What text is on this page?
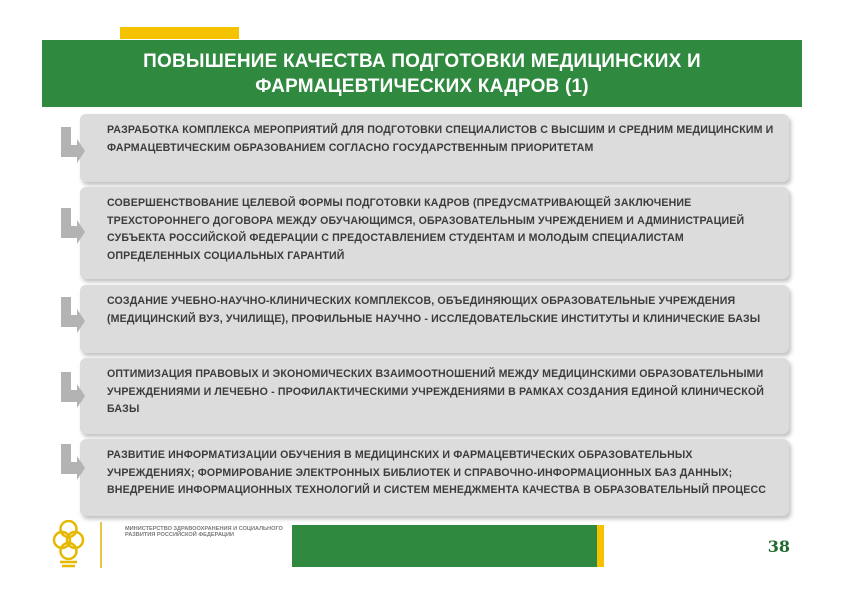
ПОВЫШЕНИЕ КАЧЕСТВА ПОДГОТОВКИ МЕДИЦИНСКИХ И
ФАРМАЦЕВТИЧЕСКИХ КАДРОВ (1)
РАЗРАБОТКА КОМПЛЕКСА МЕРОПРИЯТИЙ ДЛЯ ПОДГОТОВКИ СПЕЦИАЛИСТОВ С ВЫСШИМ И СРЕДНИМ МЕДИЦИНСКИМ И ФАРМАЦЕВТИЧЕСКИМ ОБРАЗОВАНИЕМ СОГЛАСНО ГОСУДАРСТВЕННЫМ ПРИОРИТЕТАМ
СОВЕРШЕНСТВОВАНИЕ ЦЕЛЕВОЙ ФОРМЫ ПОДГОТОВКИ КАДРОВ (ПРЕДУСМАТРИВАЮЩЕЙ ЗАКЛЮЧЕНИЕ ТРЕХСТОРОННЕГО ДОГОВОРА МЕЖДУ ОБУЧАЮЩИМСЯ, ОБРАЗОВАТЕЛЬНЫМ УЧРЕЖДЕНИЕМ И АДМИНИСТРАЦИЕЙ СУБЪЕКТА РОССИЙСКОЙ ФЕДЕРАЦИИ С ПРЕДОСТАВЛЕНИЕМ СТУДЕНТАМ И МОЛОДЫМ СПЕЦИАЛИСТАМ ОПРЕДЕЛЕННЫХ СОЦИАЛЬНЫХ ГАРАНТИЙ
СОЗДАНИЕ УЧЕБНО-НАУЧНО-КЛИНИЧЕСКИХ КОМПЛЕКСОВ, ОБЪЕДИНЯЮЩИХ ОБРАЗОВАТЕЛЬНЫЕ УЧРЕЖДЕНИЯ (МЕДИЦИНСКИЙ ВУЗ, УЧИЛИЩЕ), ПРОФИЛЬНЫЕ НАУЧНО - ИССЛЕДОВАТЕЛЬСКИЕ ИНСТИТУТЫ И КЛИНИЧЕСКИЕ БАЗЫ
ОПТИМИЗАЦИЯ ПРАВОВЫХ И ЭКОНОМИЧЕСКИХ ВЗАИМООТНОШЕНИЙ МЕЖДУ МЕДИЦИНСКИМИ ОБРАЗОВАТЕЛЬНЫМИ УЧРЕЖДЕНИЯМИ И ЛЕЧЕБНО - ПРОФИЛАКТИЧЕСКИМИ УЧРЕЖДЕНИЯМИ В РАМКАХ СОЗДАНИЯ ЕДИНОЙ КЛИНИЧЕСКОЙ БАЗЫ
РАЗВИТИЕ ИНФОРМАТИЗАЦИИ ОБУЧЕНИЯ В МЕДИЦИНСКИХ И ФАРМАЦЕВТИЧЕСКИХ ОБРАЗОВАТЕЛЬНЫХ УЧРЕЖДЕНИЯХ; ФОРМИРОВАНИЕ ЭЛЕКТРОННЫХ БИБЛИОТЕК И СПРАВОЧНО-ИНФОРМАЦИОННЫХ БАЗ ДАННЫХ; ВНЕДРЕНИЕ ИНФОРМАЦИОННЫХ ТЕХНОЛОГИЙ И СИСТЕМ МЕНЕДЖМЕНТА КАЧЕСТВА В ОБРАЗОВАТЕЛЬНЫЙ ПРОЦЕСС
МИНИСТЕРСТВО ЗДРАВООХРАНЕНИЯ И СОЦИАЛЬНОГО РАЗВИТИЯ РОССИЙСКОЙ ФЕДЕРАЦИИ
38
